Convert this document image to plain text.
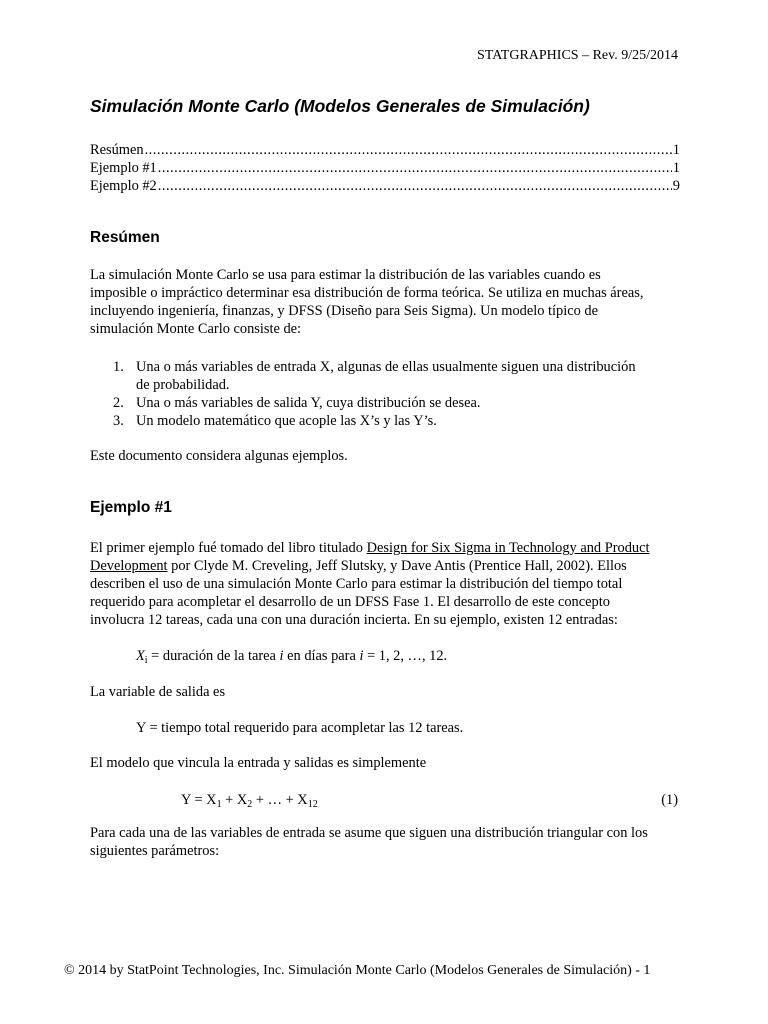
STATGRAPHICS – Rev. 9/25/2014
Simulación Monte Carlo (Modelos Generales de Simulación)
Resúmen .....	1
Ejemplo #1 .....	1
Ejemplo #2 .....	9
Resúmen
La simulación Monte Carlo se usa para estimar la distribución de las variables cuando es
imposible o impráctico determinar esa distribución de forma teórica. Se utiliza en muchas áreas,
incluyendo ingeniería, finanzas, y DFSS (Diseño para Seis Sigma). Un modelo típico de
simulación Monte Carlo consiste de:
1. Una o más variables de entrada X, algunas de ellas usualmente siguen una distribución
de probabilidad.
2. Una o más variables de salida Y, cuya distribución se desea.
3. Un modelo matemático que acople las X’s y las Y’s.
Este documento considera algunas ejemplos.
Ejemplo #1
El primer ejemplo fué tomado del libro titulado Design for Six Sigma in Technology and Product
Development por Clyde M. Creveling, Jeff Slutsky, y Dave Antis (Prentice Hall, 2002). Ellos
describen el uso de una simulación Monte Carlo para estimar la distribución del tiempo total
requerido para acompletar el desarrollo de un DFSS Fase 1. El desarrollo de este concepto
involucra 12 tareas, cada una con una duración incierta. En su ejemplo, existen 12 entradas:
$X_i$ = duración de la tarea i en días para i = 1, 2, …, 12.
La variable de salida es
Y = tiempo total requerido para acompletar las 12 tareas.
El modelo que vincula la entrada y salidas es simplemente
$Y = X_1 + X_2$ + … + $X_{12}$	(1)
Para cada una de las variables de entrada se asume que siguen una distribución triangular con los
siguientes parámetros:
© 2014 by StatPoint Technologies, Inc. Simulación Monte Carlo (Modelos Generales de Simulación) - 1
